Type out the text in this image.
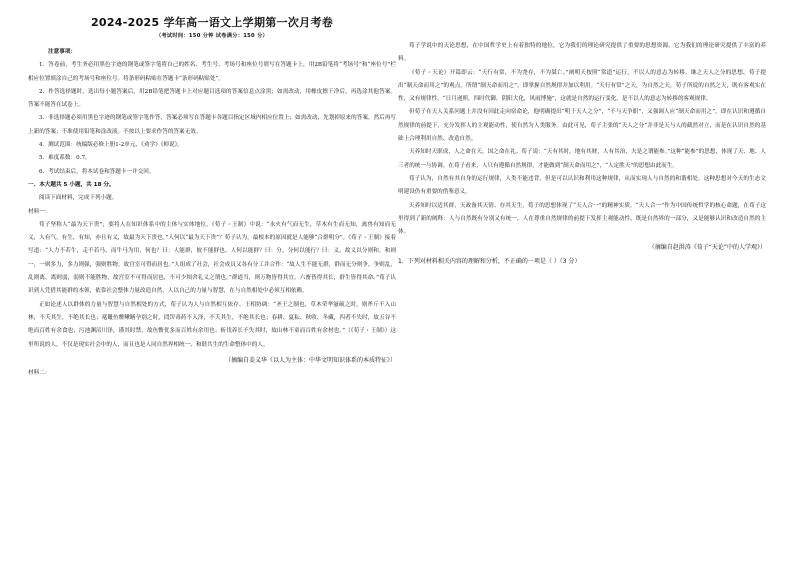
2024-2025 学年高一语文上学期第一次月考卷
（考试时间：150 分钟 试卷满分：150 分）
注意事项：

1．答卷前，考生务必用黑色字迹的钢笔或签字笔将自己的姓名、考生号、考场号和座位号填写在答题卡上，用2B铅笔将“考场号”和“座位号”栏相应位置填涂自己的考场号和座位号。将条形码粘贴在答题卡“条形码粘贴处”。

2．作答选择题时，选出每小题答案后，用2B铅笔把答题卡上对应题目选项的答案信息点涂黑；如需改动，用橡皮擦干净后，再选涂其他答案。答案不能答在试卷上。

3．非选择题必须用黑色字迹的钢笔或签字笔作答，答案必须写在答题卡各题目指定区域内相应位置上；如需改动，先划掉原来的答案，然后再写上新的答案；不准使用铅笔和涂改液。不按以上要求作答的答案无效。

4．测试范围：统编版必修上册1-2单元、《劝学》《师说》。

5．难度系数：0.7。

6．考试结束后，将本试卷和答题卡一并交回。

一、本大题共 5 小题，共 18 分。

阅读下面材料，完成下列小题。

材料一：

荀子坚称人“最为天下贵”，要将人在知识体系中的主体与实体地位。《荀子・王制》中说：“水火有气而无生，草木有生而无知，禽兽有知而无义，人有气，有生，有知，亦且有义，故最为天下贵也。”人何以“最为天下贵”？荀子认为，最根本的原因就是人能够“合群明分”。《荀子・王制》接着写道：“人力不若牛，走不若马，而牛马为用，何也？曰：人能群，彼不能群也。人何以能群？曰：分。分何以能行？曰：义。故义以分则和，和则一，一则多力，多力则强，强则胜物。故宫室可得而居也。”人组成了社会，社会成员又各有分工并合作：“故人生不能无群，群而无分则争，争则乱，乱则离，离则弱，弱则不能胜物，故宫室不可得而居也，不可少顷舍礼义之谓也。”群道当，则万物皆得其宜，六畜皆得其长，群生皆得其命。”荀子认识到人凭借其能群的本领，依靠社会整体力量改造自然，人以自己的力量与智慧，在与自然相处中必须互相依赖。

正如论述人以群体的力量与智慧与自然相处的方式，荀子认为人与自然相互依存、王相协调：“圣王之制也，草木荣华滋硕之时，则斧斤不入山林，不夭其生，不绝其长也；鼋鼍鱼鳖鳅鳝孕别之时，罔罟毒药不入泽，不夭其生，不绝其长也；春耕、夏耘、秋收、冬藏，四者不失时，故五谷不绝而百姓有余食也；污池渊沼川泽，谨其时禁，故鱼鳖优多而百姓有余用也；斩伐养长不失其时，故山林不童而百姓有余材也。”（《荀子・王制》）这里所说的人，不仅是现实社会中的人，而且也是人同自然界相统一、和谐共生的生命整体中的人。

（摘编自姜义华《以人为主体：中华文明知识体系的本质特征》）
材料二：

荀子学说中的天论思想，在中国哲学史上有着独特的地位，它为我们的理论研究提供了重要的思想资源。它为我们的理论研究提供了丰富的养料。

《荀子・天论》开篇即云：“天行有常，不为尧存，不为桀亡。”阐明天按照“常道”运行，不以人的意志为转移。继之天人之分的思想，荀子提出“制天命而用之”的观点。所谓“制天命而用之”，即掌握自然规律并加以利用。“天行有常”之天，为自然之天。荀子所说的自然之天，既有客观实在性，又有规律性，“日月递照，四时代御，阴阳大化，风雨博施”，这就是自然的运行变化，是不以人的意志为转移的客观规律。

但荀子在天人关系问题上并没有因此走向宿命论，他明确提出“明于天人之分”，“不与天争职”，又强调人应“制天命而用之”，即在认识和遵循自然规律的前提下，充分发挥人的主观能动性，使自然为人类服务。由此可见，荀子主张的“天人之分”并非是天与人的截然对立，而是在认识自然的基础上合理利用自然、改造自然。

天养知时天职成，人之命在天，国之命在礼。荀子说：“天有其时，地有其财，人有其治，夫是之谓能参。”这种“能参”的思想，体现了天、地、人三者的统一与协调。在荀子看来，人只有遵循自然规律，才能做到“制天命而用之”，“人定胜天”的思想由此而生。

荀子认为，自然有其自身的运行规律，人类不能违背，但是可以认识和利用这种规律，从而实现人与自然的和谐相处。这种思想对今天的生态文明建设仍有重要的借鉴意义。

天养知时以适其群，天政备其天情、存其天生，荀子的思想体现了“天人合一”的精神实质。“天人合一”作为中国传统哲学的核心命题，在荀子这里得到了新的阐释：人与自然既有分别又有统一，人在尊重自然规律的前提下发挥主观能动性，既是自然界的一部分，又是能够认识和改造自然的主体。

（摘编自赵洪涛《荀子“天论”中的人学观》）
1．下列对材料相关内容的理解和分析，不正确的一项是（ ）（3 分）
